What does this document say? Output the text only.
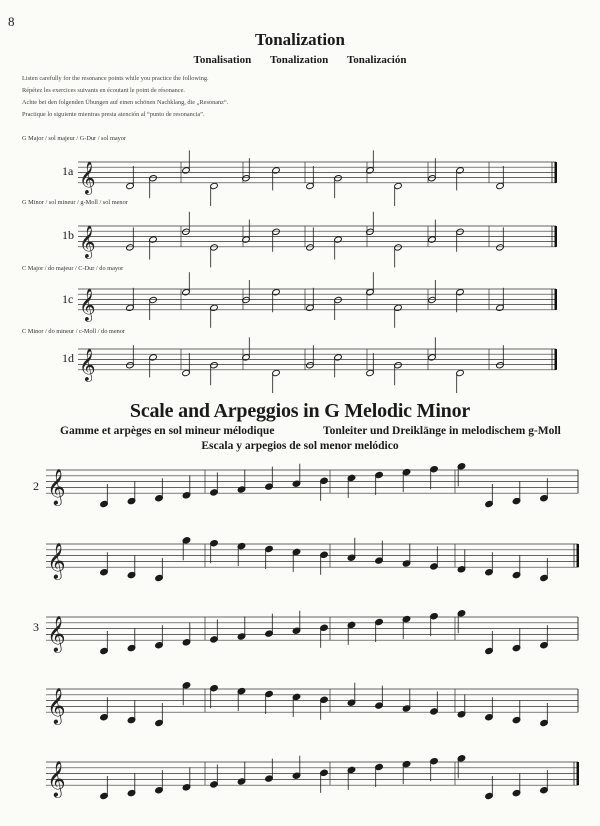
8
Tonalization
Tonalisation Tonalization Tonalización
Listen carefully for the resonance points while you practice the following.
Répétez les exercices suivants en écoutant le point de résonance.
Achte bei den folgenden Übungen auf einen schönen Nachklang, die „Resonanz“.
Practique lo siguiente mientras presta atención al “punto de resonancia”.
G Major / sol majeur / G-Dur / sol mayor
G Minor / sol mineur / g-Moll / sol menor
C Major / do majeur / C-Dur / do mayor
C Minor / do mineur / c-Moll / do menor
1a
1b
1c
1d
Scale and Arpeggios in G Melodic Minor
Gamme et arpèges en sol mineur mélodique	Tonleiter und Dreiklänge in melodischem g-Moll
Escala y arpegios de sol menor melódico
2
3
𝄞
𝄞
𝄞
𝄞
𝄞
𝄞
𝄞
𝄞
𝄞
